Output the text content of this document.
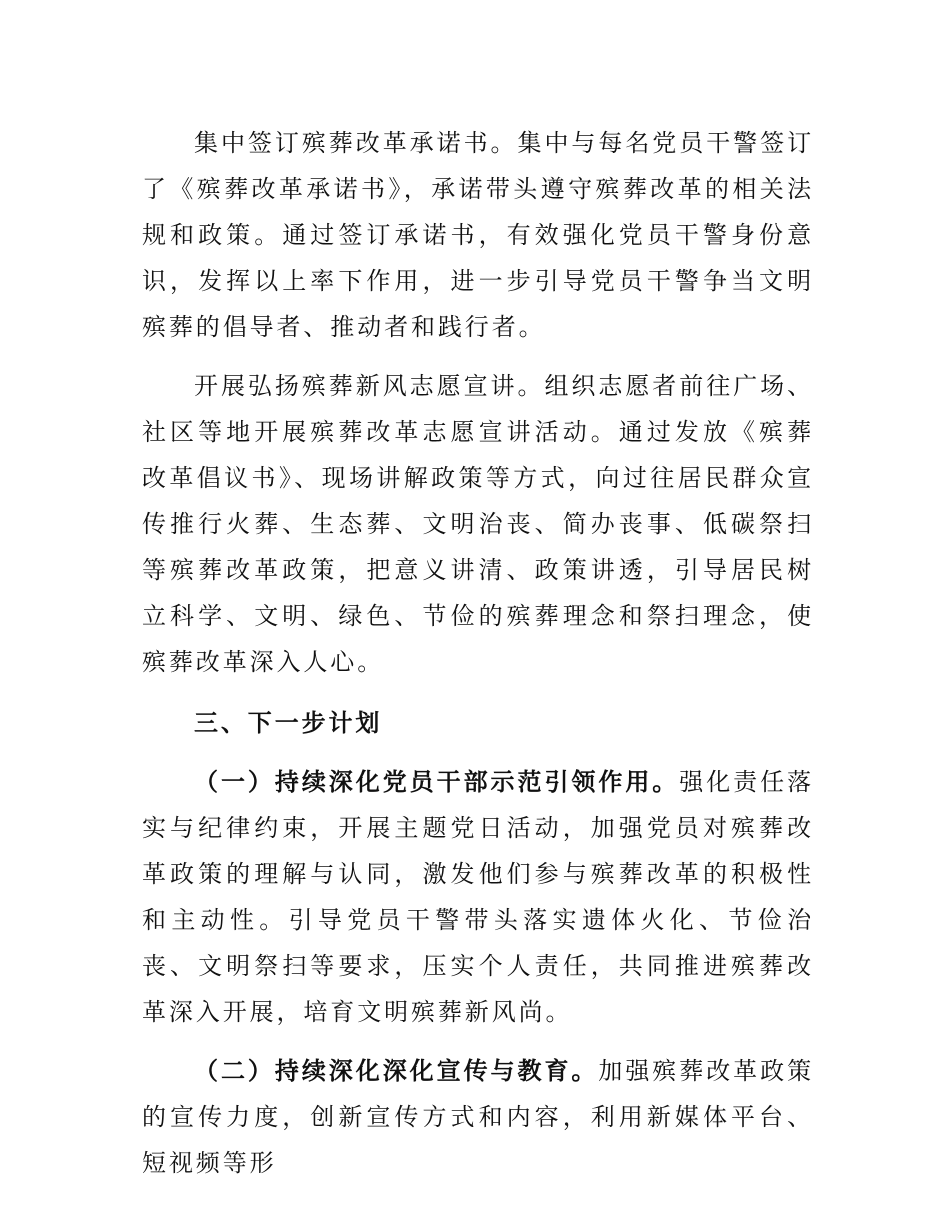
集中签订殡葬改革承诺书。集中与每名党员干警签订了《殡葬改革承诺书》，承诺带头遵守殡葬改革的相关法规和政策。通过签订承诺书，有效强化党员干警身份意识，发挥以上率下作用，进一步引导党员干警争当文明殡葬的倡导者、推动者和践行者。

开展弘扬殡葬新风志愿宣讲。组织志愿者前往广场、社区等地开展殡葬改革志愿宣讲活动。通过发放《殡葬改革倡议书》、现场讲解政策等方式，向过往居民群众宣传推行火葬、生态葬、文明治丧、简办丧事、低碳祭扫等殡葬改革政策，把意义讲清、政策讲透，引导居民树立科学、文明、绿色、节俭的殡葬理念和祭扫理念，使殡葬改革深入人心。

三、下一步计划

（一）持续深化党员干部示范引领作用。强化责任落实与纪律约束，开展主题党日活动，加强党员对殡葬改革政策的理解与认同，激发他们参与殡葬改革的积极性和主动性。引导党员干警带头落实遗体火化、节俭治丧、文明祭扫等要求，压实个人责任，共同推进殡葬改革深入开展，培育文明殡葬新风尚。

（二）持续深化深化宣传与教育。加强殡葬改革政策的宣传力度，创新宣传方式和内容，利用新媒体平台、短视频等形
